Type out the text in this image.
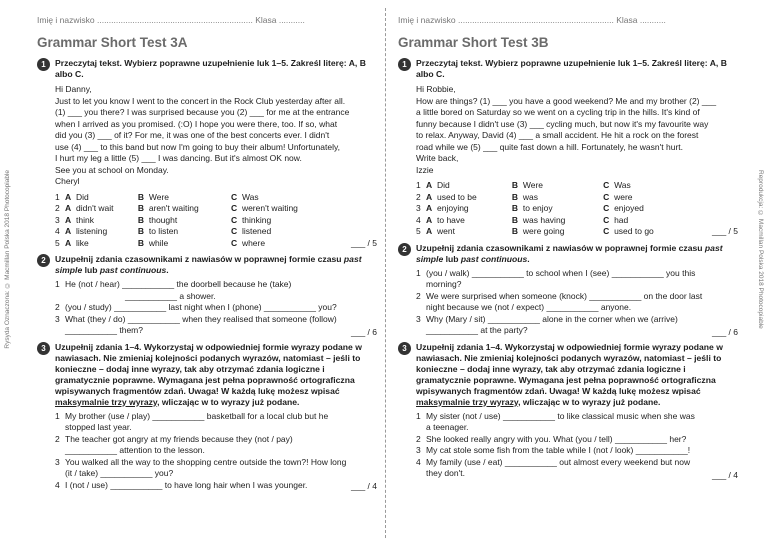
Rysyda Oznaczona: © Macmillan Polska 2018 Photocopiable	Reprodukcja: © Macmillan Polska 2018 Photocopiable
Imię i nazwisko .................................................................. Klasa ...........
Grammar Short Test 3A
1	Przeczytaj tekst. Wybierz poprawne uzupełnienie luk 1–5. Zakreśl literę: A, B albo C.
Hi Danny,
Just to let you know I went to the concert in the Rock Club yesterday after all.
(1) ___ you there? I was surprised because you (2) ___ for me at the entrance
when I arrived as you promised. (:O) I hope you were there, too. If so, what
did you (3) ___ of it? For me, it was one of the best concerts ever. I didn't
use (4) ___ to this band but now I'm going to buy their album! Unfortunately,
I hurt my leg a little (5) ___ I was dancing. But it's almost OK now.
See you at school on Monday.
Cheryl
1	A	Did	B	Were	C	Was	
2	A	didn't wait	B	aren't waiting	C	weren't waiting	
3	A	think	B	thought	C	thinking	
4	A	listening	B	to listen	C	listened	
5	A	like	B	while	C	where	___ / 5
2	Uzupełnij zdania czasownikami z nawiasów w poprawnej formie czasu past simple lub past continuous.
1 He (not / hear) ___________ the doorbell because he (take)
___________ a shower.
2 (you / study) ___________ last night when I (phone) ___________ you?
3 What (they / do) ___________ when they realised that someone (follow)
___________ them?	___ / 6
3	Uzupełnij zdania 1–4. Wykorzystaj w odpowiedniej formie wyrazy podane w nawiasach. Nie zmieniaj kolejności podanych wyrazów, natomiast – jeśli to konieczne – dodaj inne wyrazy, tak aby otrzymać zdania logiczne i gramatycznie poprawne. Wymagana jest pełna poprawność ortograficzna wpisywanych fragmentów zdań. Uwaga! W każdą lukę możesz wpisać maksymalnie trzy wyrazy, wliczając w to wyrazy już podane.
1 My brother (use / play) ___________ basketball for a local club but he
stopped last year.
2 The teacher got angry at my friends because they (not / pay)
___________ attention to the lesson.
3 You walked all the way to the shopping centre outside the town?! How long
(it / take) ___________ you?
4 I (not / use) ___________ to have long hair when I was younger.	___ / 4
Imię i nazwisko .................................................................. Klasa ...........
Grammar Short Test 3B
1	Przeczytaj tekst. Wybierz poprawne uzupełnienie luk 1–5. Zakreśl literę: A, B albo C.
Hi Robbie,
How are things? (1) ___ you have a good weekend? Me and my brother (2) ___
a little bored on Saturday so we went on a cycling trip in the hills. It's kind of
funny because I didn't use (3) ___ cycling much, but now it's my favourite way
to relax. Anyway, David (4) ___ a small accident. He hit a rock on the forest
road while we (5) ___ quite fast down a hill. Fortunately, he wasn't hurt.
Write back,
Izzie
1	A	Did	B	Were	C	Was	
2	A	used to be	B	was	C	were	
3	A	enjoying	B	to enjoy	C	enjoyed	
4	A	to have	B	was having	C	had	
5	A	went	B	were going	C	used to go	___ / 5
2	Uzupełnij zdania czasownikami z nawiasów w poprawnej formie czasu past simple lub past continuous.
1 (you / walk) ___________ to school when I (see) ___________ you this
morning?
2 We were surprised when someone (knock) ___________ on the door last
night because we (not / expect) ___________ anyone.
3 Why (Mary / sit) ___________ alone in the corner when we (arrive)
___________ at the party?	___ / 6
3	Uzupełnij zdania 1–4. Wykorzystaj w odpowiedniej formie wyrazy podane w nawiasach. Nie zmieniaj kolejności podanych wyrazów, natomiast – jeśli to konieczne – dodaj inne wyrazy, tak aby otrzymać zdania logiczne i gramatycznie poprawne. Wymagana jest pełna poprawność ortograficzna wpisywanych fragmentów zdań. Uwaga! W każdą lukę możesz wpisać maksymalnie trzy wyrazy, wliczając w to wyrazy już podane.
1 My sister (not / use) ___________ to like classical music when she was
a teenager.
2 She looked really angry with you. What (you / tell) ___________ her?
3 My cat stole some fish from the table while I (not / look) ___________!
4 My family (use / eat) ___________ out almost every weekend but now
they don't.	___ / 4
